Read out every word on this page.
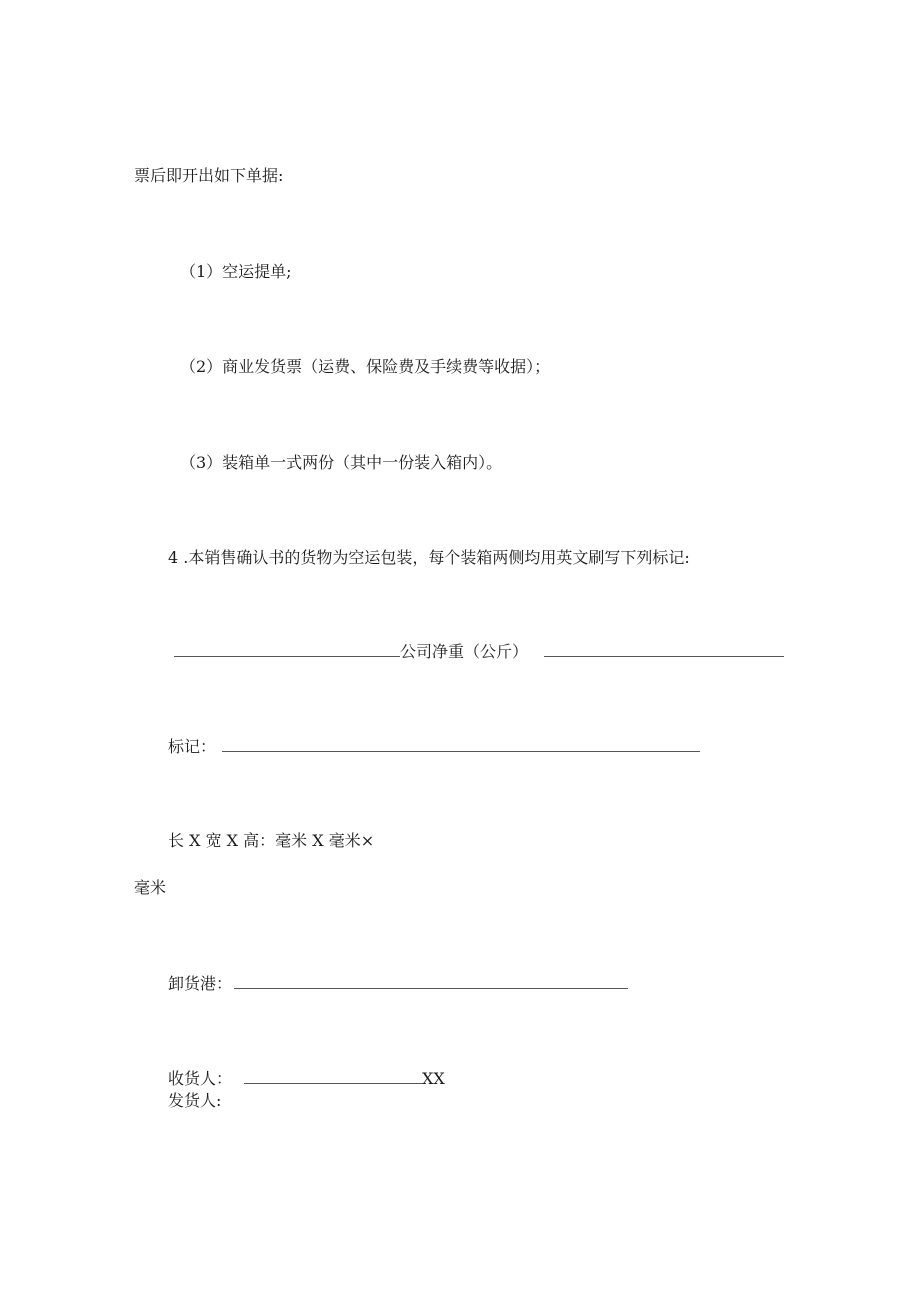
票后即开出如下单据:
（1）空运提单;
（2）商业发货票（运费、保险费及手续费等收据）；
（3）装箱单一式两份（其中一份装入箱内）。
4 .本销售确认书的货物为空运包装，每个装箱两侧均用英文刷写下列标记:
公司净重（公斤）
标记：
长 X 宽 X 高：毫米 X 毫米×
毫米
卸货港：
收货人：	XX
发货人:
